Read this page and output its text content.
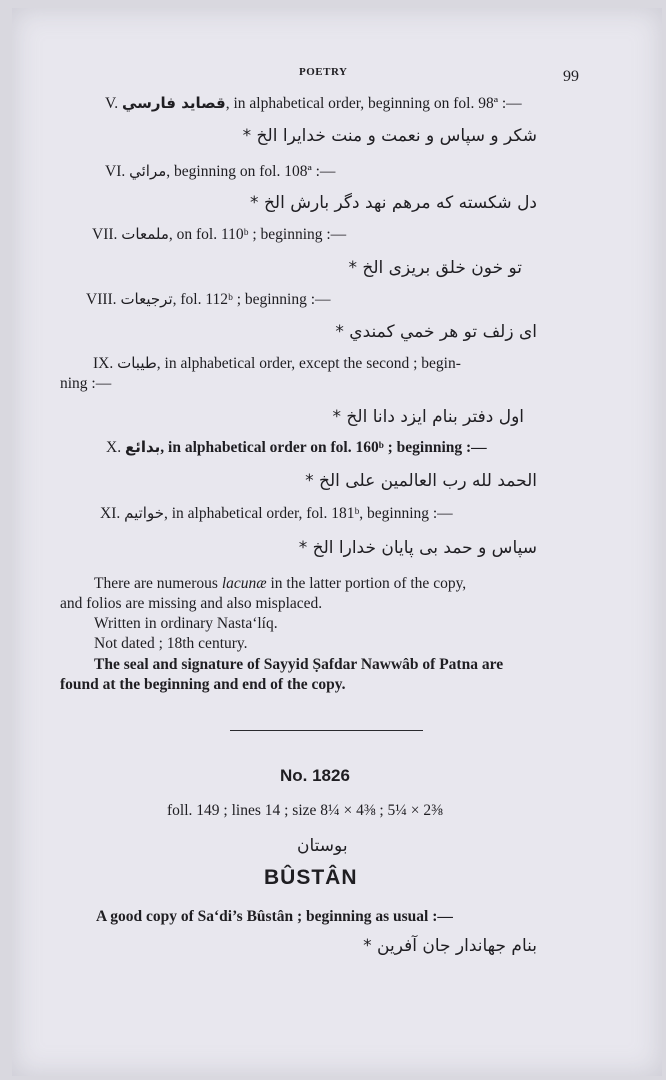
POETRY	99
V. قصايد فارسي, in alphabetical order, beginning on fol. 98ª :—
شکر و سپاس و نعمت و منت خدایرا الخ *
VI. مرائي, beginning on fol. 108ª :—
دل شکسته که مرهم نهد دگر بارش الخ *
VII. ملمعات, on fol. 110ᵇ ; beginning :—
تو خون خلق بریزی الخ *
VIII. ترجيعات, fol. 112ᵇ ; beginning :—
ای زلف تو هر خمي کمندي *
IX. طيبات, in alphabetical order, except the second ; begin-
ning :—
اول دفتر بنام ایزد دانا الخ *
X. بدائع, in alphabetical order on fol. 160ᵇ ; beginning :—
الحمد لله رب العالمین علی الخ *
XI. خواتيم, in alphabetical order, fol. 181ᵇ, beginning :—
سپاس و حمد بی پایان خدارا الخ *
There are numerous lacunæ in the latter portion of the copy,
and folios are missing and also misplaced.
Written in ordinary Nasta‘líq.
Not dated ; 18th century.
The seal and signature of Sayyid Ṣafdar Nawwâb of Patna are
found at the beginning and end of the copy.
No. 1826
foll. 149 ; lines 14 ; size 8¼ × 4⅜ ; 5¼ × 2⅜
بوستان
BÛSTÂN
A good copy of Sa‘di’s Bûstân ; beginning as usual :—
بنام جهاندار جان آفرین *
